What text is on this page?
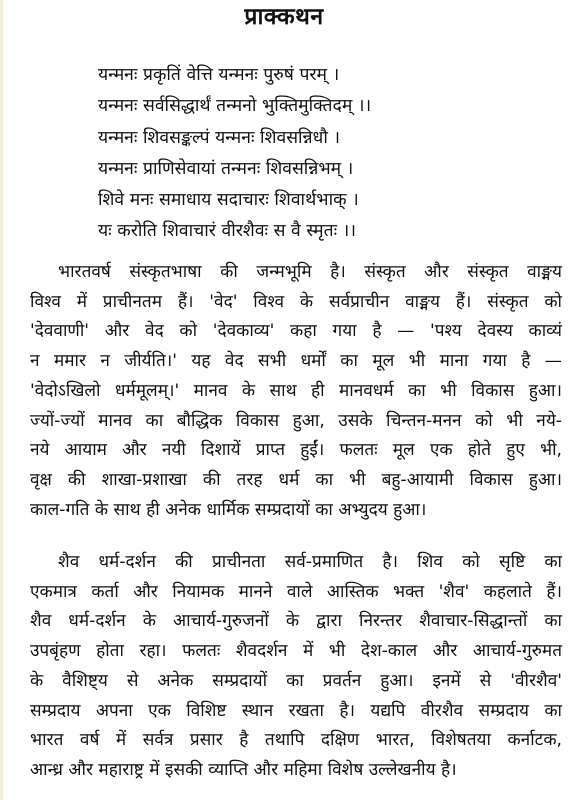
प्राक्कथन
यन्मनः प्रकृतिं वेत्ति यन्मनः पुरुषं परम् ।
यन्मनः सर्वसिद्धार्थं तन्मनो भुक्तिमुक्तिदम् ।।
यन्मनः शिवसङ्कल्पं यन्मनः शिवसन्निधौ ।
यन्मनः प्राणिसेवायां तन्मनः शिवसन्निभम् ।
शिवे मनः समाधाय सदाचारः शिवार्थभाक् ।
यः करोति शिवाचारं वीरशैवः स वै स्मृतः ।।
भारतवर्ष संस्कृतभाषा की जन्मभूमि है। संस्कृत और संस्कृत वाङ्मय
विश्व में प्राचीनतम हैं। 'वेद' विश्व के सर्वप्राचीन वाङ्मय हैं। संस्कृत को
'देववाणी' और वेद को 'देवकाव्य' कहा गया है — 'पश्य देवस्य काव्यं
न ममार न जीर्यति।' यह वेद सभी धर्मों का मूल भी माना गया है —
'वेदोऽखिलो धर्ममूलम्।' मानव के साथ ही मानवधर्म का भी विकास हुआ।
ज्यों-ज्यों मानव का बौद्धिक विकास हुआ, उसके चिन्तन-मनन को भी नये-
नये आयाम और नयी दिशायें प्राप्त हुईं। फलतः मूल एक होते हुए भी,
वृक्ष की शाखा-प्रशाखा की तरह धर्म का भी बहु-आयामी विकास हुआ।
काल-गति के साथ ही अनेक धार्मिक सम्प्रदायों का अभ्युदय हुआ।
शैव धर्म-दर्शन की प्राचीनता सर्व-प्रमाणित है। शिव को सृष्टि का
एकमात्र कर्ता और नियामक मानने वाले आस्तिक भक्त 'शैव' कहलाते हैं।
शैव धर्म-दर्शन के आचार्य-गुरुजनों के द्वारा निरन्तर शैवाचार-सिद्धान्तों का
उपबृंहण होता रहा। फलतः शैवदर्शन में भी देश-काल और आचार्य-गुरुमत
के वैशिष्ट्य से अनेक सम्प्रदायों का प्रवर्तन हुआ। इनमें से 'वीरशैव'
सम्प्रदाय अपना एक विशिष्ट स्थान रखता है। यद्यपि वीरशैव सम्प्रदाय का
भारत वर्ष में सर्वत्र प्रसार है तथापि दक्षिण भारत, विशेषतया कर्नाटक,
आन्ध्र और महाराष्ट्र में इसकी व्याप्ति और महिमा विशेष उल्लेखनीय है।
